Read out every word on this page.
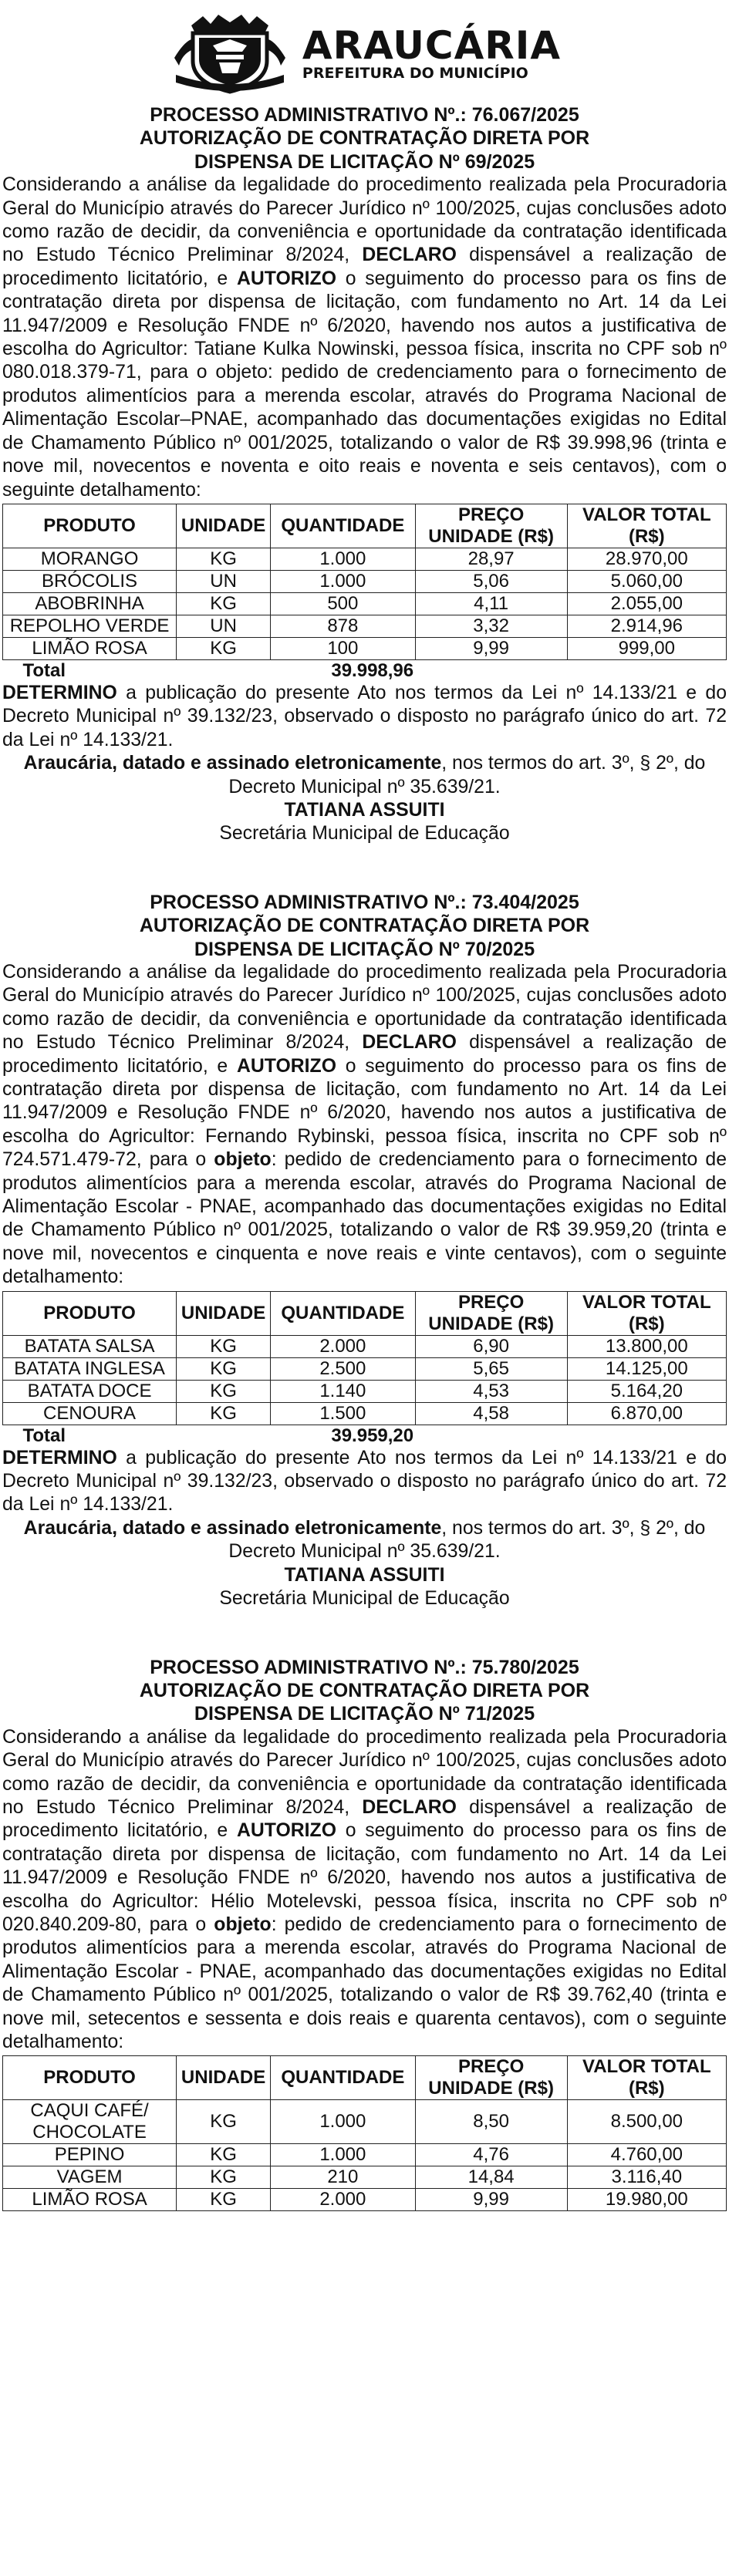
ARAUCÁRIA
PREFEITURA DO MUNICÍPIO
PROCESSO ADMINISTRATIVO Nº.: 76.067/2025
AUTORIZAÇÃO DE CONTRATAÇÃO DIRETA POR
DISPENSA DE LICITAÇÃO Nº 69/2025
Considerando a análise da legalidade do procedimento realizada pela Procuradoria Geral do Município através do Parecer Jurídico nº 100/2025, cujas conclusões adoto como razão de decidir, da conveniência e oportunidade da contratação identificada no Estudo Técnico Preliminar 8/2024, DECLARO dispensável a realização de procedimento licitatório, e AUTORIZO o seguimento do processo para os fins de contratação direta por dispensa de licitação, com fundamento no Art. 14 da Lei 11.947/2009 e Resolução FNDE nº 6/2020, havendo nos autos a justificativa de escolha do Agricultor: Tatiane Kulka Nowinski, pessoa física, inscrita no CPF sob nº 080.018.379-71, para o objeto: pedido de credenciamento para o fornecimento de produtos alimentícios para a merenda escolar, através do Programa Nacional de Alimentação Escolar–PNAE, acompanhado das documentações exigidas no Edital de Chamamento Público nº 001/2025, totalizando o valor de R$ 39.998,96 (trinta e nove mil, novecentos e noventa e oito reais e noventa e seis centavos), com o seguinte detalhamento:
PRODUTO	UNIDADE	QUANTIDADE	PREÇO UNIDADE (R$)	VALOR TOTAL (R$)
MORANGO	KG	1.000	28,97	28.970,00
BRÓCOLIS	UN	1.000	5,06	5.060,00
ABOBRINHA	KG	500	4,11	2.055,00
REPOLHO VERDE	UN	878	3,32	2.914,96
LIMÃO ROSA	KG	100	9,99	999,00
Total	39.998,96			
DETERMINO a publicação do presente Ato nos termos da Lei nº 14.133/21 e do Decreto Municipal nº 39.132/23, observado o disposto no parágrafo único do art. 72 da Lei nº 14.133/21.
Araucária, datado e assinado eletronicamente, nos termos do art. 3º, § 2º, do Decreto Municipal nº 35.639/21.
TATIANA ASSUITI
Secretária Municipal de Educação
PROCESSO ADMINISTRATIVO Nº.: 73.404/2025
AUTORIZAÇÃO DE CONTRATAÇÃO DIRETA POR
DISPENSA DE LICITAÇÃO Nº 70/2025
Considerando a análise da legalidade do procedimento realizada pela Procuradoria Geral do Município através do Parecer Jurídico nº 100/2025, cujas conclusões adoto como razão de decidir, da conveniência e oportunidade da contratação identificada no Estudo Técnico Preliminar 8/2024, DECLARO dispensável a realização de procedimento licitatório, e AUTORIZO o seguimento do processo para os fins de contratação direta por dispensa de licitação, com fundamento no Art. 14 da Lei 11.947/2009 e Resolução FNDE nº 6/2020, havendo nos autos a justificativa de escolha do Agricultor: Fernando Rybinski, pessoa física, inscrita no CPF sob nº 724.571.479-72, para o objeto: pedido de credenciamento para o fornecimento de produtos alimentícios para a merenda escolar, através do Programa Nacional de Alimentação Escolar - PNAE, acompanhado das documentações exigidas no Edital de Chamamento Público nº 001/2025, totalizando o valor de R$ 39.959,20 (trinta e nove mil, novecentos e cinquenta e nove reais e vinte centavos), com o seguinte detalhamento:
PRODUTO	UNIDADE	QUANTIDADE	PREÇO UNIDADE (R$)	VALOR TOTAL (R$)
BATATA SALSA	KG	2.000	6,90	13.800,00
BATATA INGLESA	KG	2.500	5,65	14.125,00
BATATA DOCE	KG	1.140	4,53	5.164,20
CENOURA	KG	1.500	4,58	6.870,00
Total	39.959,20			
DETERMINO a publicação do presente Ato nos termos da Lei nº 14.133/21 e do Decreto Municipal nº 39.132/23, observado o disposto no parágrafo único do art. 72 da Lei nº 14.133/21.
Araucária, datado e assinado eletronicamente, nos termos do art. 3º, § 2º, do Decreto Municipal nº 35.639/21.
TATIANA ASSUITI
Secretária Municipal de Educação
PROCESSO ADMINISTRATIVO Nº.: 75.780/2025
AUTORIZAÇÃO DE CONTRATAÇÃO DIRETA POR
DISPENSA DE LICITAÇÃO Nº 71/2025
Considerando a análise da legalidade do procedimento realizada pela Procuradoria Geral do Município através do Parecer Jurídico nº 100/2025, cujas conclusões adoto como razão de decidir, da conveniência e oportunidade da contratação identificada no Estudo Técnico Preliminar 8/2024, DECLARO dispensável a realização de procedimento licitatório, e AUTORIZO o seguimento do processo para os fins de contratação direta por dispensa de licitação, com fundamento no Art. 14 da Lei 11.947/2009 e Resolução FNDE nº 6/2020, havendo nos autos a justificativa de escolha do Agricultor: Hélio Motelevski, pessoa física, inscrita no CPF sob nº 020.840.209-80, para o objeto: pedido de credenciamento para o fornecimento de produtos alimentícios para a merenda escolar, através do Programa Nacional de Alimentação Escolar - PNAE, acompanhado das documentações exigidas no Edital de Chamamento Público nº 001/2025, totalizando o valor de R$ 39.762,40 (trinta e nove mil, setecentos e sessenta e dois reais e quarenta centavos), com o seguinte detalhamento:
PRODUTO	UNIDADE	QUANTIDADE	PREÇO UNIDADE (R$)	VALOR TOTAL (R$)
CAQUI CAFÉ/ CHOCOLATE	KG	1.000	8,50	8.500,00
PEPINO	KG	1.000	4,76	4.760,00
VAGEM	KG	210	14,84	3.116,40
LIMÃO ROSA	KG	2.000	9,99	19.980,00
